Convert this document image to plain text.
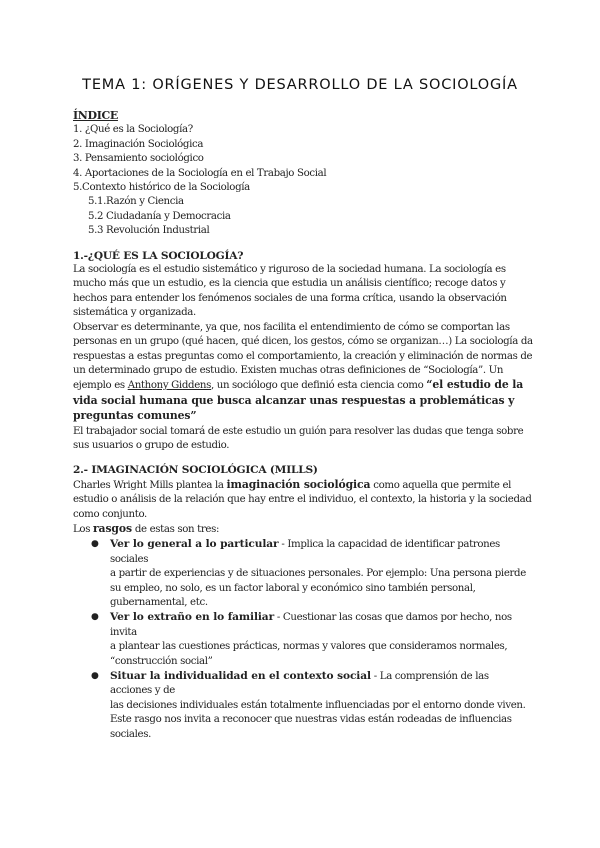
TEMA 1: ORÍGENES Y DESARROLLO DE LA SOCIOLOGÍA

ÍNDICE

1. ¿Qué es la Sociología?

2. Imaginación Sociológica

3. Pensamiento sociológico

4. Aportaciones de la Sociología en el Trabajo Social

5.Contexto histórico de la Sociología

5.1.Razón y Ciencia

5.2 Ciudadanía y Democracia

5.3 Revolución Industrial

1.-¿QUÉ ES LA SOCIOLOGÍA?

La sociología es el estudio sistemático y riguroso de la sociedad humana. La sociología es mucho más que un estudio, es la ciencia que estudia un análisis científico; recoge datos y hechos para entender los fenómenos sociales de una forma crítica, usando la observación sistemática y organizada.

Observar es determinante, ya que, nos facilita el entendimiento de cómo se comportan las personas en un grupo (qué hacen, qué dicen, los gestos, cómo se organizan…) La sociología da respuestas a estas preguntas como el comportamiento, la creación y eliminación de normas de un determinado grupo de estudio. Existen muchas otras definiciones de “Sociología”. Un ejemplo es Anthony Giddens, un sociólogo que definió esta ciencia como “el estudio de la vida social humana que busca alcanzar unas respuestas a problemáticas y preguntas comunes”

El trabajador social tomará de este estudio un guión para resolver las dudas que tenga sobre sus usuarios o grupo de estudio.

2.- IMAGINACIÓN SOCIOLÓGICA (MILLS)

Charles Wright Mills plantea la imaginación sociológica como aquella que permite el estudio o análisis de la relación que hay entre el individuo, el contexto, la historia y la sociedad como conjunto.

Los rasgos de estas son tres:

● Ver lo general a lo particular - Implica la capacidad de identificar patrones sociales

a partir de experiencias y de situaciones personales. Por ejemplo: Una persona pierde su empleo, no solo, es un factor laboral y económico sino también personal, gubernamental, etc.

● Ver lo extraño en lo familiar - Cuestionar las cosas que damos por hecho, nos invita

a plantear las cuestiones prácticas, normas y valores que consideramos normales, “construcción social”

● Situar la individualidad en el contexto social - La comprensión de las acciones y de

las decisiones individuales están totalmente influenciadas por el entorno donde viven.

Este rasgo nos invita a reconocer que nuestras vidas están rodeadas de influencias sociales.
